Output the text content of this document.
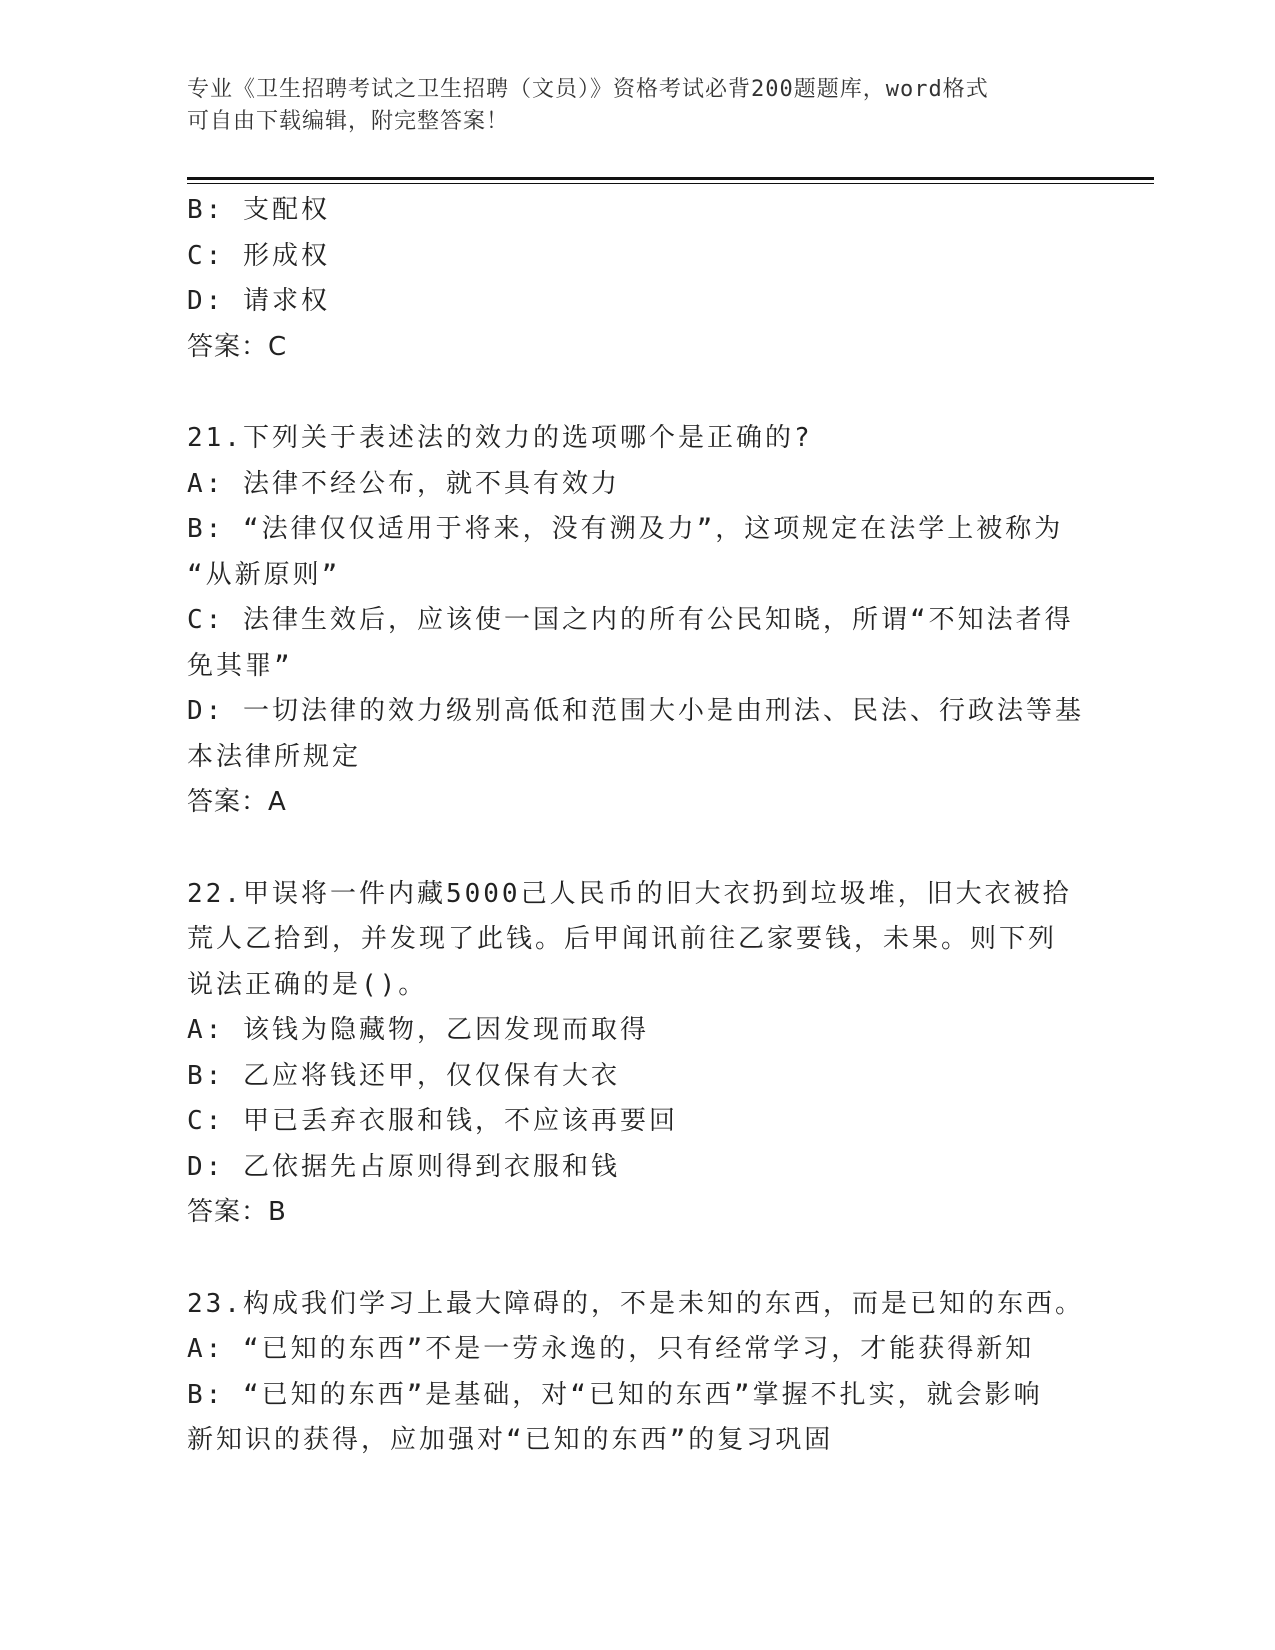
专业《卫生招聘考试之卫生招聘（文员）》资格考试必背200题题库，word格式
可自由下载编辑，附完整答案！
B: 支配权
C: 形成权
D: 请求权
答案：C
21.下列关于表述法的效力的选项哪个是正确的?
A: 法律不经公布，就不具有效力
B: “法律仅仅适用于将来，没有溯及力”，这项规定在法学上被称为
“从新原则”
C: 法律生效后，应该使一国之内的所有公民知晓，所谓“不知法者得
免其罪”
D: 一切法律的效力级别高低和范围大小是由刑法、民法、行政法等基
本法律所规定
答案：A
22.甲误将一件内藏5000己人民币的旧大衣扔到垃圾堆，旧大衣被拾
荒人乙拾到，并发现了此钱。后甲闻讯前往乙家要钱，未果。则下列
说法正确的是()。
A: 该钱为隐藏物，乙因发现而取得
B: 乙应将钱还甲，仅仅保有大衣
C: 甲已丢弃衣服和钱，不应该再要回
D: 乙依据先占原则得到衣服和钱
答案：B
23.构成我们学习上最大障碍的，不是未知的东西，而是已知的东西。
A: “已知的东西”不是一劳永逸的，只有经常学习，才能获得新知
B: “已知的东西”是基础，对“已知的东西”掌握不扎实，就会影响
新知识的获得，应加强对“已知的东西”的复习巩固
